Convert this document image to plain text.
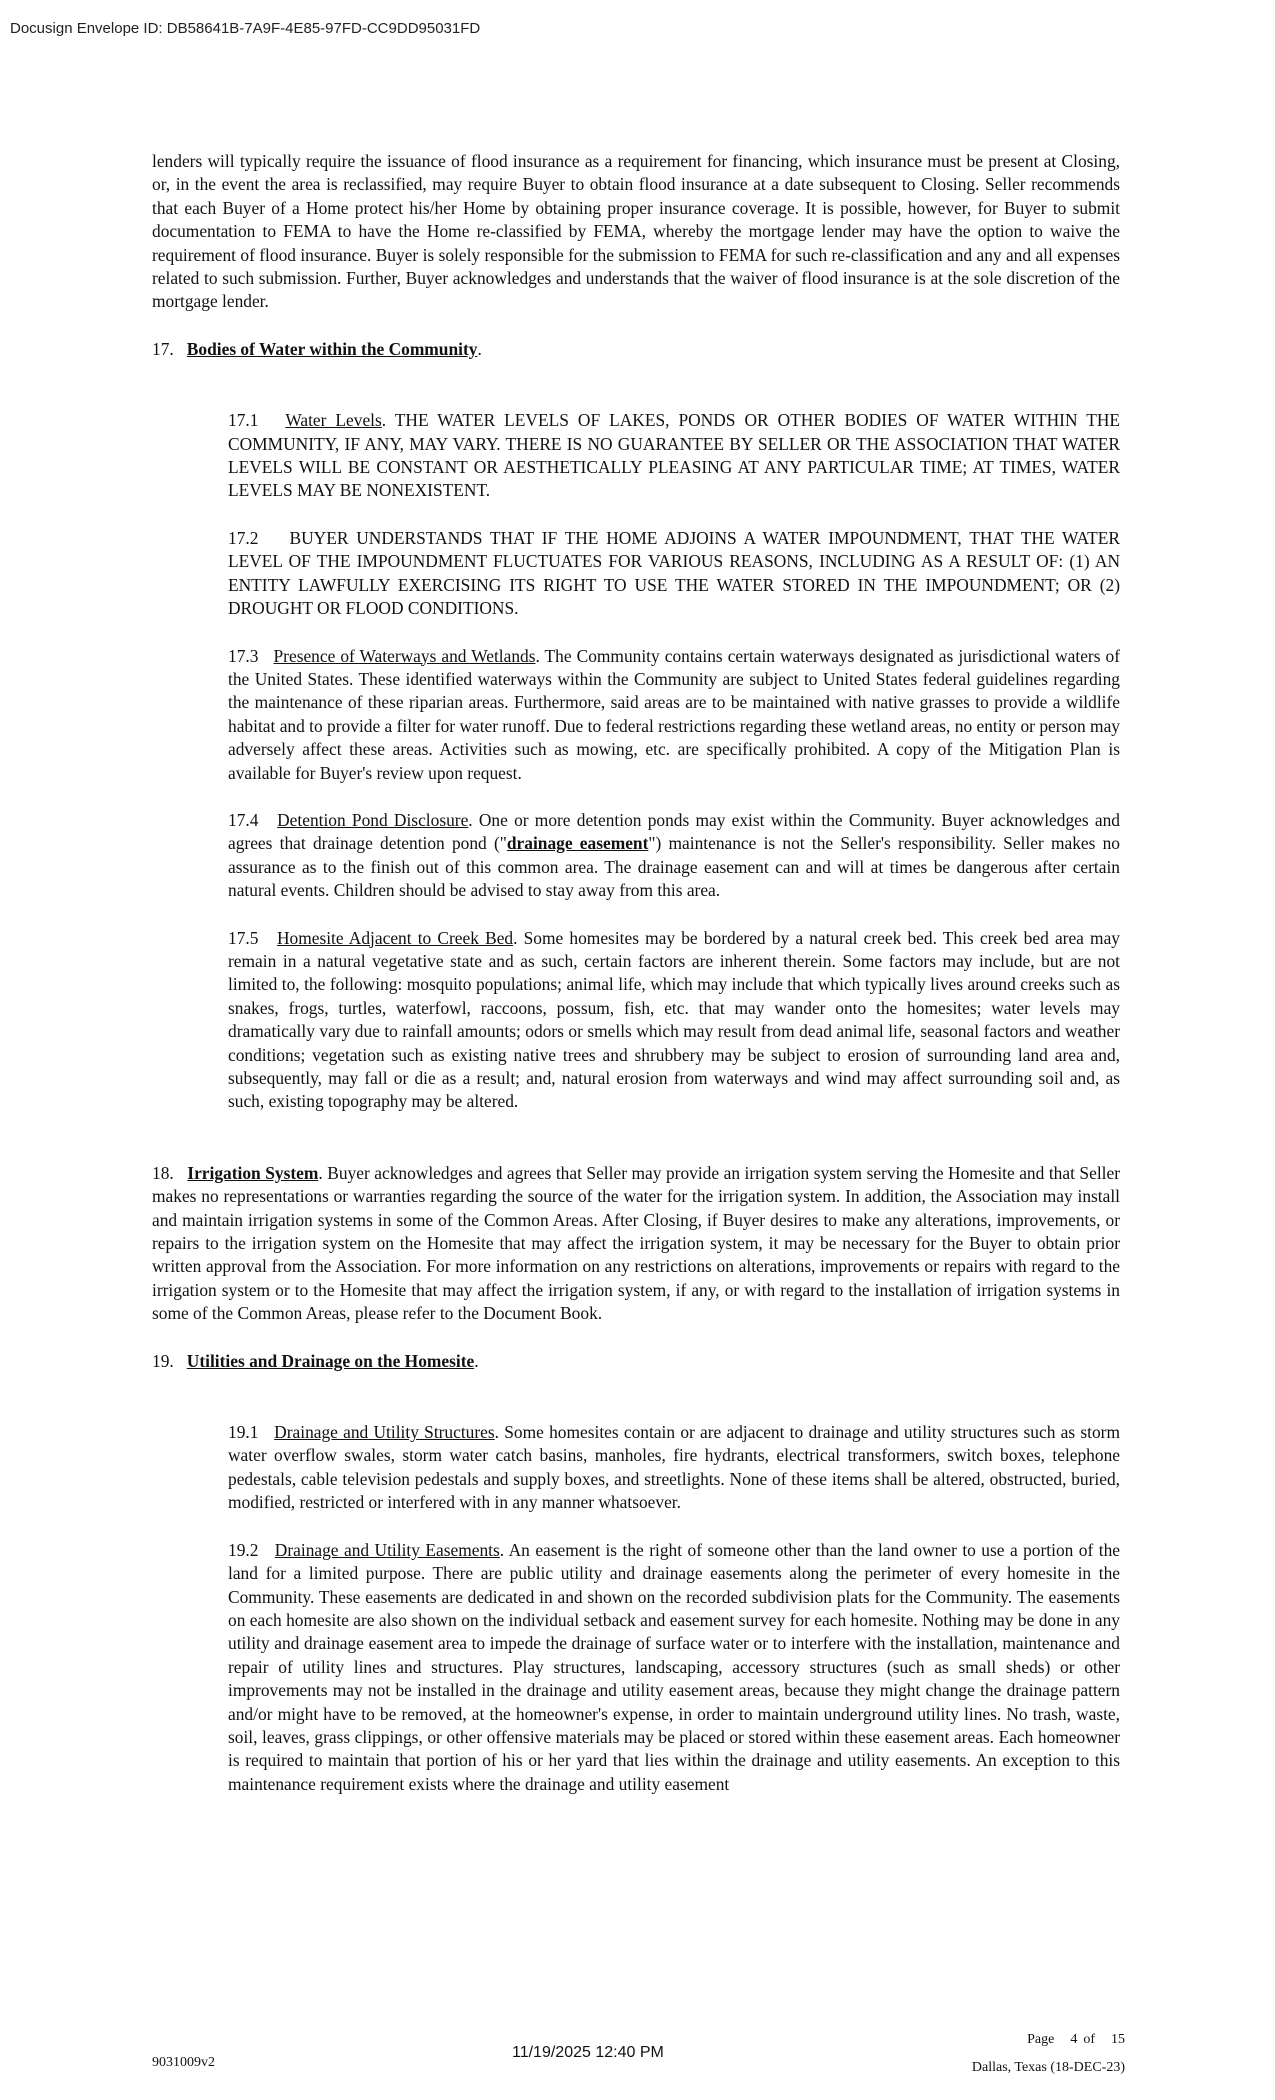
Docusign Envelope ID: DB58641B-7A9F-4E85-97FD-CC9DD95031FD

lenders will typically require the issuance of flood insurance as a requirement for financing, which insurance must be present at Closing, or, in the event the area is reclassified, may require Buyer to obtain flood insurance at a date subsequent to Closing. Seller recommends that each Buyer of a Home protect his/her Home by obtaining proper insurance coverage. It is possible, however, for Buyer to submit documentation to FEMA to have the Home re-classified by FEMA, whereby the mortgage lender may have the option to waive the requirement of flood insurance. Buyer is solely responsible for the submission to FEMA for such re-classification and any and all expenses related to such submission. Further, Buyer acknowledges and understands that the waiver of flood insurance is at the sole discretion of the mortgage lender.

17. Bodies of Water within the Community.

17.1 Water Levels. THE WATER LEVELS OF LAKES, PONDS OR OTHER BODIES OF WATER WITHIN THE COMMUNITY, IF ANY, MAY VARY. THERE IS NO GUARANTEE BY SELLER OR THE ASSOCIATION THAT WATER LEVELS WILL BE CONSTANT OR AESTHETICALLY PLEASING AT ANY PARTICULAR TIME; AT TIMES, WATER LEVELS MAY BE NONEXISTENT.

17.2 BUYER UNDERSTANDS THAT IF THE HOME ADJOINS A WATER IMPOUNDMENT, THAT THE WATER LEVEL OF THE IMPOUNDMENT FLUCTUATES FOR VARIOUS REASONS, INCLUDING AS A RESULT OF: (1) AN ENTITY LAWFULLY EXERCISING ITS RIGHT TO USE THE WATER STORED IN THE IMPOUNDMENT; OR (2) DROUGHT OR FLOOD CONDITIONS.

17.3 Presence of Waterways and Wetlands. The Community contains certain waterways designated as jurisdictional waters of the United States. These identified waterways within the Community are subject to United States federal guidelines regarding the maintenance of these riparian areas. Furthermore, said areas are to be maintained with native grasses to provide a wildlife habitat and to provide a filter for water runoff. Due to federal restrictions regarding these wetland areas, no entity or person may adversely affect these areas. Activities such as mowing, etc. are specifically prohibited. A copy of the Mitigation Plan is available for Buyer's review upon request.

17.4 Detention Pond Disclosure. One or more detention ponds may exist within the Community. Buyer acknowledges and agrees that drainage detention pond ("drainage easement") maintenance is not the Seller's responsibility. Seller makes no assurance as to the finish out of this common area. The drainage easement can and will at times be dangerous after certain natural events. Children should be advised to stay away from this area.

17.5 Homesite Adjacent to Creek Bed. Some homesites may be bordered by a natural creek bed. This creek bed area may remain in a natural vegetative state and as such, certain factors are inherent therein. Some factors may include, but are not limited to, the following: mosquito populations; animal life, which may include that which typically lives around creeks such as snakes, frogs, turtles, waterfowl, raccoons, possum, fish, etc. that may wander onto the homesites; water levels may dramatically vary due to rainfall amounts; odors or smells which may result from dead animal life, seasonal factors and weather conditions; vegetation such as existing native trees and shrubbery may be subject to erosion of surrounding land area and, subsequently, may fall or die as a result; and, natural erosion from waterways and wind may affect surrounding soil and, as such, existing topography may be altered.

18. Irrigation System. Buyer acknowledges and agrees that Seller may provide an irrigation system serving the Homesite and that Seller makes no representations or warranties regarding the source of the water for the irrigation system. In addition, the Association may install and maintain irrigation systems in some of the Common Areas. After Closing, if Buyer desires to make any alterations, improvements, or repairs to the irrigation system on the Homesite that may affect the irrigation system, it may be necessary for the Buyer to obtain prior written approval from the Association. For more information on any restrictions on alterations, improvements or repairs with regard to the irrigation system or to the Homesite that may affect the irrigation system, if any, or with regard to the installation of irrigation systems in some of the Common Areas, please refer to the Document Book.

19. Utilities and Drainage on the Homesite.

19.1 Drainage and Utility Structures. Some homesites contain or are adjacent to drainage and utility structures such as storm water overflow swales, storm water catch basins, manholes, fire hydrants, electrical transformers, switch boxes, telephone pedestals, cable television pedestals and supply boxes, and streetlights. None of these items shall be altered, obstructed, buried, modified, restricted or interfered with in any manner whatsoever.

19.2 Drainage and Utility Easements. An easement is the right of someone other than the land owner to use a portion of the land for a limited purpose. There are public utility and drainage easements along the perimeter of every homesite in the Community. These easements are dedicated in and shown on the recorded subdivision plats for the Community. The easements on each homesite are also shown on the individual setback and easement survey for each homesite. Nothing may be done in any utility and drainage easement area to impede the drainage of surface water or to interfere with the installation, maintenance and repair of utility lines and structures. Play structures, landscaping, accessory structures (such as small sheds) or other improvements may not be installed in the drainage and utility easement areas, because they might change the drainage pattern and/or might have to be removed, at the homeowner's expense, in order to maintain underground utility lines. No trash, waste, soil, leaves, grass clippings, or other offensive materials may be placed or stored within these easement areas. Each homeowner is required to maintain that portion of his or her yard that lies within the drainage and utility easements. An exception to this maintenance requirement exists where the drainage and utility easement

9031009v2
11/19/2025 12:40 PM
Page 4 of 15
Dallas, Texas (18-DEC-23)
